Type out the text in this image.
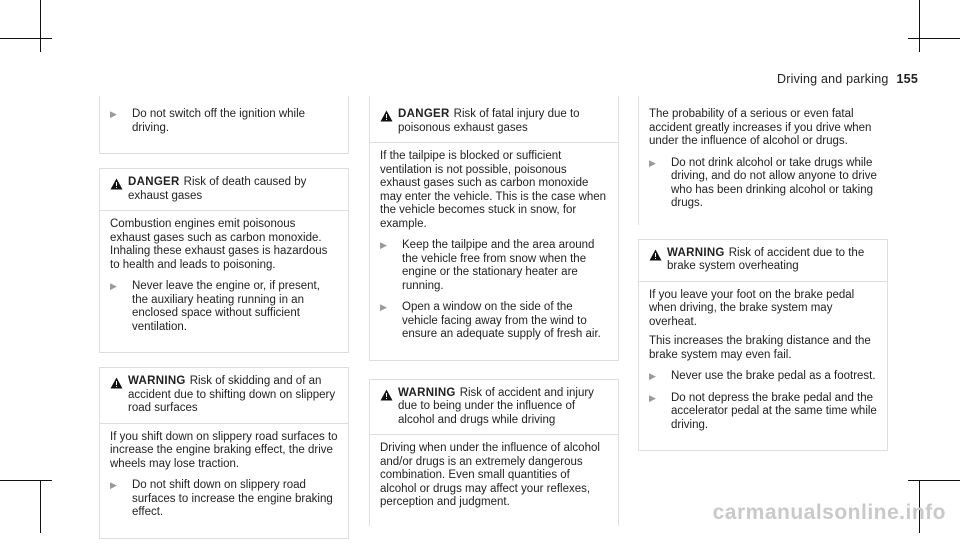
Driving and parking 155
▶	Do not switch off the ignition while driving.
DANGER Risk of death caused by exhaust gases

Combustion engines emit poisonous exhaust gases such as carbon monoxide. Inhaling these exhaust gases is hazardous to health and leads to poisoning.

▶	Never leave the engine or, if present, the auxiliary heating running in an enclosed space without sufficient ventilation.
WARNING Risk of skidding and of an accident due to shifting down on slippery road surfaces

If you shift down on slippery road surfaces to increase the engine braking effect, the drive wheels may lose traction.

▶	Do not shift down on slippery road surfaces to increase the engine braking effect.
DANGER Risk of fatal injury due to poisonous exhaust gases

If the tailpipe is blocked or sufficient ventilation is not possible, poisonous exhaust gases such as carbon monoxide may enter the vehicle. This is the case when the vehicle becomes stuck in snow, for example.

▶	Keep the tailpipe and the area around the vehicle free from snow when the engine or the stationary heater are running.
▶	Open a window on the side of the vehicle facing away from the wind to ensure an adequate supply of fresh air.
WARNING Risk of accident and injury due to being under the influence of alcohol and drugs while driving

Driving when under the influence of alcohol and/or drugs is an extremely dangerous combination. Even small quantities of alcohol or drugs may affect your reflexes, perception and judgment.

The probability of a serious or even fatal accident greatly increases if you drive when under the influence of alcohol or drugs.

▶	Do not drink alcohol or take drugs while driving, and do not allow anyone to drive who has been drinking alcohol or taking drugs.
WARNING Risk of accident due to the brake system overheating

If you leave your foot on the brake pedal when driving, the brake system may overheat.

This increases the braking distance and the brake system may even fail.

▶	Never use the brake pedal as a footrest.
▶	Do not depress the brake pedal and the accelerator pedal at the same time while driving.
carmanualsonline.info
